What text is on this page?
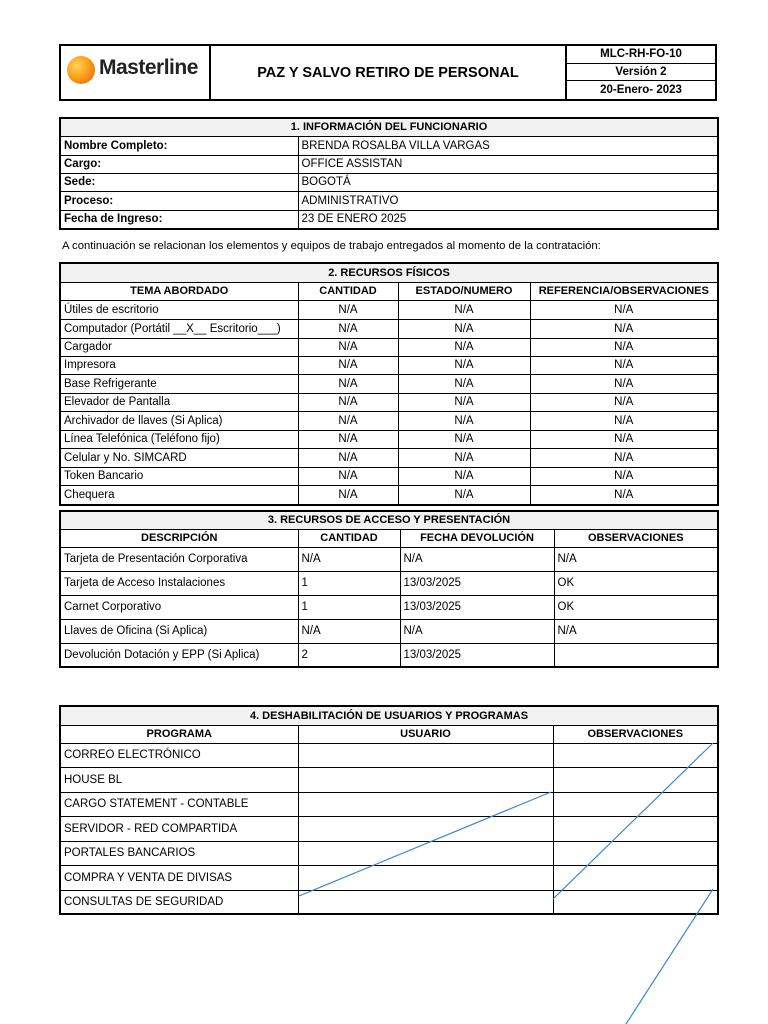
Masterline	PAZ Y SALVO RETIRO DE PERSONAL
MLC-RH-FO-10
Versión 2
20-Enero- 2023
1. INFORMACIÓN DEL FUNCIONARIO	
Nombre Completo:	BRENDA ROSALBA VILLA VARGAS
Cargo:	OFFICE ASSISTAN
Sede:	BOGOTÁ
Proceso:	ADMINISTRATIVO
Fecha de Ingreso:	23 DE ENERO 2025
A continuación se relacionan los elementos y equipos de trabajo entregados al momento de la contratación:
2. RECURSOS FÍSICOS			
TEMA ABORDADO	CANTIDAD	ESTADO/NUMERO	REFERENCIA/OBSERVACIONES
Útiles de escritorio	N/A	N/A	N/A
Computador (Portátil __X__ Escritorio___)	N/A	N/A	N/A
Cargador	N/A	N/A	N/A
Impresora	N/A	N/A	N/A
Base Refrigerante	N/A	N/A	N/A
Elevador de Pantalla	N/A	N/A	N/A
Archivador de llaves (Si Aplica)	N/A	N/A	N/A
Línea Telefónica (Teléfono fijo)	N/A	N/A	N/A
Celular y No. SIMCARD	N/A	N/A	N/A
Token Bancario	N/A	N/A	N/A
Chequera	N/A	N/A	N/A
3. RECURSOS DE ACCESO Y PRESENTACIÓN			
DESCRIPCIÓN	CANTIDAD	FECHA DEVOLUCIÓN	OBSERVACIONES
Tarjeta de Presentación Corporativa	N/A	N/A	N/A
Tarjeta de Acceso Instalaciones	1	13/03/2025	OK
Carnet Corporativo	1	13/03/2025	OK
Llaves de Oficina (Si Aplica)	N/A	N/A	N/A
Devolución Dotación y EPP (Si Aplica)	2	13/03/2025	
4. DESHABILITACIÓN DE USUARIOS Y PROGRAMAS		
PROGRAMA	USUARIO	OBSERVACIONES
CORREO ELECTRÓNICO		
HOUSE BL		
CARGO STATEMENT - CONTABLE		
SERVIDOR - RED COMPARTIDA		
PORTALES BANCARIOS		
COMPRA Y VENTA DE DIVISAS		
CONSULTAS DE SEGURIDAD		
